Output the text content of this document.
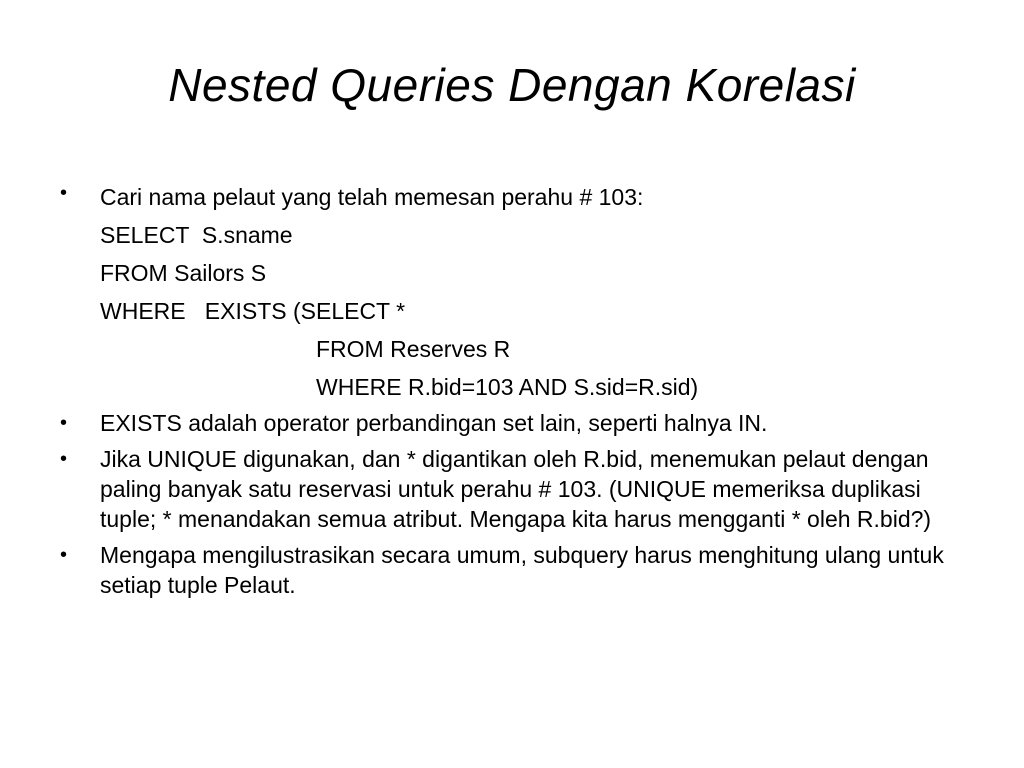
Nested Queries Dengan Korelasi
• Cari nama pelaut yang telah memesan perahu # 103:
SELECT  S.sname
FROM Sailors S
WHERE   EXISTS (SELECT *
FROM Reserves R
WHERE R.bid=103 AND S.sid=R.sid)
• EXISTS adalah operator perbandingan set lain, seperti halnya IN.
• Jika UNIQUE digunakan, dan * digantikan oleh R.bid, menemukan pelaut dengan paling banyak satu reservasi untuk perahu # 103. (UNIQUE memeriksa duplikasi tuple; * menandakan semua atribut. Mengapa kita harus mengganti * oleh R.bid?)
• Mengapa mengilustrasikan secara umum, subquery harus menghitung ulang untuk setiap tuple Pelaut.
